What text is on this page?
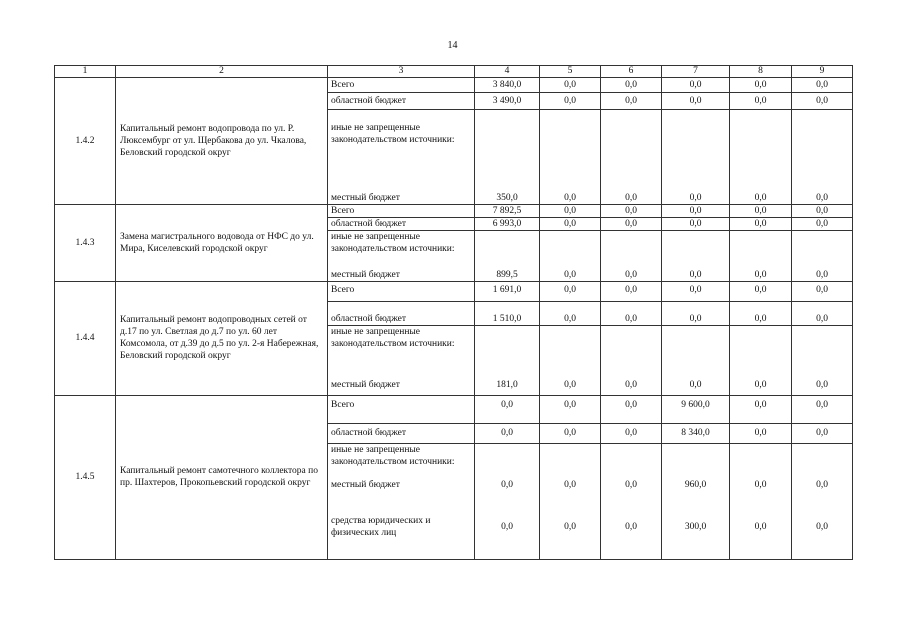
14
1	2	3	4	5	6	7	8	9
1.4.2	Капитальный ремонт водопровода по ул. Р. Люксембург от ул. Щербакова до ул. Чкалова, Беловский городской округ	Всего	3 840,0	0,0	0,0	0,0	0,0	0,0
		областной бюджет	3 490,0	0,0	0,0	0,0	0,0	0,0
		иные не запрещенные законодательством источники:						
		местный бюджет	350,0	0,0	0,0	0,0	0,0	0,0
1.4.3	Замена магистрального водовода от НФС до ул. Мира, Киселевский городской округ	Всего	7 892,5	0,0	0,0	0,0	0,0	0,0
		областной бюджет	6 993,0	0,0	0,0	0,0	0,0	0,0
		иные не запрещенные законодательством источники:						
		местный бюджет	899,5	0,0	0,0	0,0	0,0	0,0
1.4.4	Капитальный ремонт водопроводных сетей от д.17 по ул. Светлая до д.7 по ул. 60 лет Комсомола, от д.39 до д.5 по ул. 2-я Набережная, Беловский городской округ	Всего	1 691,0	0,0	0,0	0,0	0,0	0,0
		областной бюджет	1 510,0	0,0	0,0	0,0	0,0	0,0
		иные не запрещенные законодательством источники:						
		местный бюджет	181,0	0,0	0,0	0,0	0,0	0,0
1.4.5	Капитальный ремонт самотечного коллектора по пр. Шахтеров, Прокопьевский городской округ	Всего	0,0	0,0	0,0	9 600,0	0,0	0,0
		областной бюджет	0,0	0,0	0,0	8 340,0	0,0	0,0
		иные не запрещенные законодательством источники:						
		местный бюджет	0,0	0,0	0,0	960,0	0,0	0,0
		средства юридических и физических лиц	0,0	0,0	0,0	300,0	0,0	0,0
